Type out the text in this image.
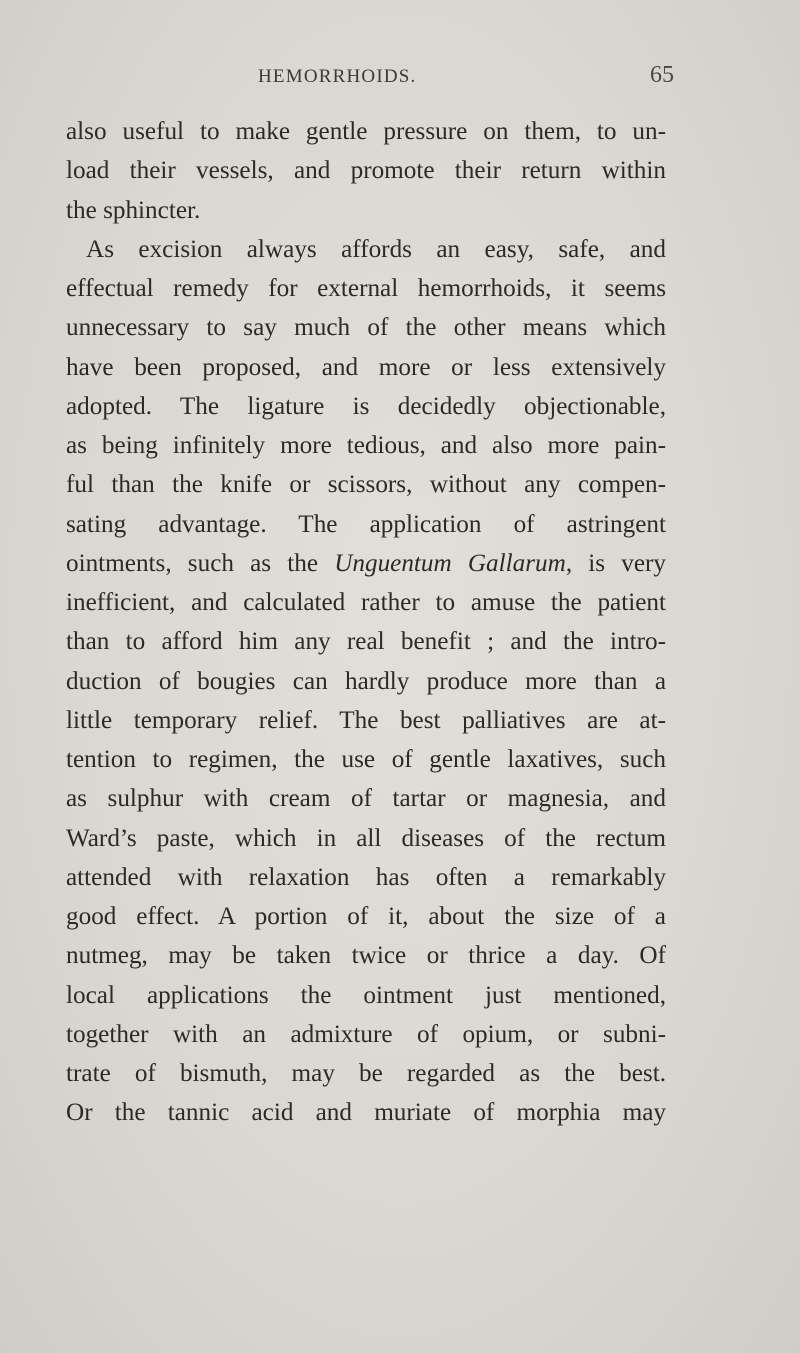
HEMORRHOIDS.	65
also useful to make gentle pressure on them, to un-
load their vessels, and promote their return within
the sphincter.
As excision always affords an easy, safe, and
effectual remedy for external hemorrhoids, it seems
unnecessary to say much of the other means which
have been proposed, and more or less extensively
adopted. The ligature is decidedly objectionable,
as being infinitely more tedious, and also more pain-
ful than the knife or scissors, without any compen-
sating advantage. The application of astringent
ointments, such as the Unguentum Gallarum, is very
inefficient, and calculated rather to amuse the patient
than to afford him any real benefit ; and the intro-
duction of bougies can hardly produce more than a
little temporary relief. The best palliatives are at-
tention to regimen, the use of gentle laxatives, such
as sulphur with cream of tartar or magnesia, and
Ward’s paste, which in all diseases of the rectum
attended with relaxation has often a remarkably
good effect. A portion of it, about the size of a
nutmeg, may be taken twice or thrice a day. Of
local applications the ointment just mentioned,
together with an admixture of opium, or subni-
trate of bismuth, may be regarded as the best.
Or the tannic acid and muriate of morphia may
